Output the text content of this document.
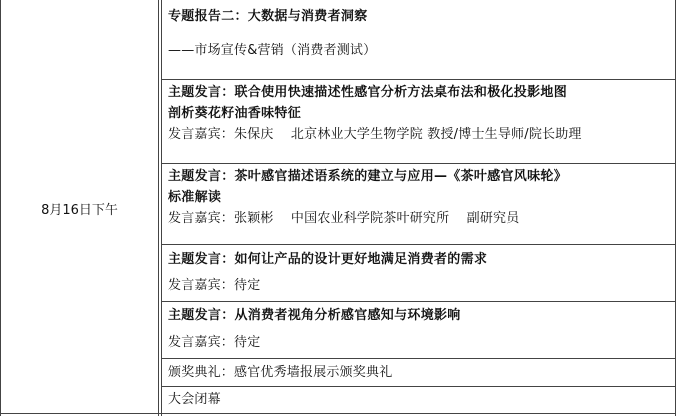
8月16日下午
专题报告二：大数据与消费者洞察
——市场宣传&营销（消费者测试）
主题发言：联合使用快速描述性感官分析方法桌布法和极化投影地图
剖析葵花籽油香味特征
发言嘉宾：朱保庆    北京林业大学生物学院 教授/博士生导师/院长助理
主题发言：茶叶感官描述语系统的建立与应用—《茶叶感官风味轮》
标准解读
发言嘉宾：张颖彬    中国农业科学院茶叶研究所    副研究员
主题发言：如何让产品的设计更好地满足消费者的需求
发言嘉宾：待定
主题发言：从消费者视角分析感官感知与环境影响
发言嘉宾：待定
颁奖典礼：感官优秀墙报展示颁奖典礼
大会闭幕
